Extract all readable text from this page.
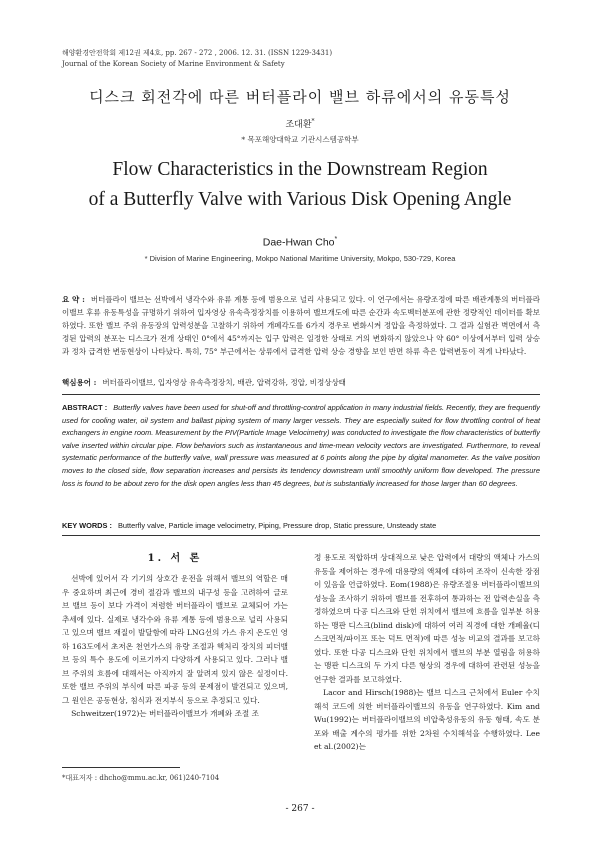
해양환경안전학회 제12권 제4호, pp. 267 - 272 , 2006. 12. 31. (ISSN 1229-3431)
Journal of the Korean Society of Marine Environment & Safety
디스크 회전각에 따른 버터플라이 밸브 하류에서의 유동특성
조대환*
* 목포해양대학교 기관시스템공학부
Flow Characteristics in the Downstream Region
of a Butterfly Valve with Various Disk Opening Angle
Dae-Hwan Cho*
* Division of Marine Engineering, Mokpo National Maritime University, Mokpo, 530-729, Korea
요 약 : 버터플라이 밸브는 선박에서 냉각수와 유류 계통 등에 범용으로 널리 사용되고 있다. 이 연구에서는 유량조정에 따른 배관계통의 버터플라이밸브 후류 유동특성을 규명하기 위하여 입자영상 유속측정장치를 이용하여 밸브개도에 따른 순간과 속도벡터분포에 관한 정량적인 데이터를 확보하였다. 또한 밸브 주위 유동장의 압력성분을 고찰하기 위하여 개폐각도를 6가지 경우로 변화시켜 정압을 측정하였다. 그 결과 실험관 벽면에서 측정된 압력의 분포는 디스크가 전개 상태인 0°에서 45°까지는 입구 압력은 일정한 상태로 거의 변화하지 않았으나 약 60° 이상에서부터 입력 상승과 정차 급격한 변동현상이 나타났다. 특히, 75° 부근에서는 상류에서 급격한 압력 상승 경향을 보인 반면 하류 측은 압력변동이 적게 나타났다.
핵심용어 : 버터플라이밸브, 입자영상 유속측정장치, 배관, 압력강하, 정압, 비정상상태
ABSTRACT : Butterfly valves have been used for shut-off and throttling-control application in many industrial fields. Recently, they are frequently used for cooling water, oil system and ballast piping system of many larger vessels. They are especially suited for flow throttling control of heat exchangers in engine room. Measurement by the PIV(Particle Image Velocimetry) was conducted to investigate the flow characteristics of butterfly valve inserted within circular pipe. Flow behaviors such as instantaneous and time-mean velocity vectors are investigated. Furthermore, to reveal systematic performance of the butterfly valve, wall pressure was measured at 6 points along the pipe by digital manometer. As the valve position moves to the closed side, flow separation increases and persists its tendency downstream until smoothly uniform flow developed. The pressure loss is found to be about zero for the disk open angles less than 45 degrees, but is substantially increased for those larger than 60 degrees.
KEY WORDS : Butterfly valve, Particle image velocimetry, Piping, Pressure drop, Static pressure, Unsteady state
1. 서 론

선박에 있어서 각 기기의 상호간 운전을 위해서 밸브의 역할은 매우 중요하며 최근에 경비 절감과 밸브의 내구성 등을 고려하여 글로브 밸브 등이 보다 가격이 저렴한 버터플라이 밸브로 교체되어 가는 추세에 있다. 실제로 냉각수와 유류 계통 등에 범용으로 널리 사용되고 있으며 밸브 재질이 발달함에 따라 LNG선의 가스 유지 온도인 영하 163도에서 초저온 천연가스의 유량 조절과 핵처리 장치의 피더밸브 등의 특수 용도에 이르기까지 다양하게 사용되고 있다. 그러나 밸브 주위의 흐름에 대해서는 아직까지 잘 알려져 있지 않은 실정이다. 또한 밸브 주위의 부식에 따른 파공 등의 문제점이 발견되고 있으며, 그 원인은 공동현상, 침식과 전지부식 등으로 추정되고 있다.

Schweitzer(1972)는 버터플라이밸브가 개폐와 조절 조

정 용도로 적합하며 상대적으로 낮은 압력에서 대량의 액체나 가스의 유동을 제어하는 경우에 대용량의 액체에 대하여 조작이 신속한 장점이 있음을 언급하였다. Eom(1988)은 유량조절용 버터플라이밸브의 성능을 조사하기 위하여 밸브를 전후하여 통과하는 전 압력손실을 측정하였으며 다공 디스크와 단힌 위치에서 밸브에 흐름을 일부분 허용하는 맹판 디스크(blind disk)에 대하여 여러 직경에 대한 개폐율(디스크면적/파이프 또는 덕트 면적)에 따른 성능 비교의 결과를 보고하였다. 또한 다공 디스크와 단힌 위치에서 밸브의 부분 열림을 허용하는 맹판 디스크의 두 가지 다른 형상의 경우에 대하여 관련된 성능을 연구한 결과를 보고하였다.

Lacor and Hirsch(1988)는 밸브 디스크 근처에서 Euler 수치해석 코드에 의한 버터플라이밸브의 유동을 연구하였다. Kim and Wu(1992)는 버터플라이밸브의 비압축성유동의 유동 형태, 속도 분포와 배출 계수의 평가를 위한 2차원 수치해석을 수행하였다. Lee et al.(2002)는

*대표저자 : dhcho@mmu.ac.kr, 061)240-7104
- 267 -
